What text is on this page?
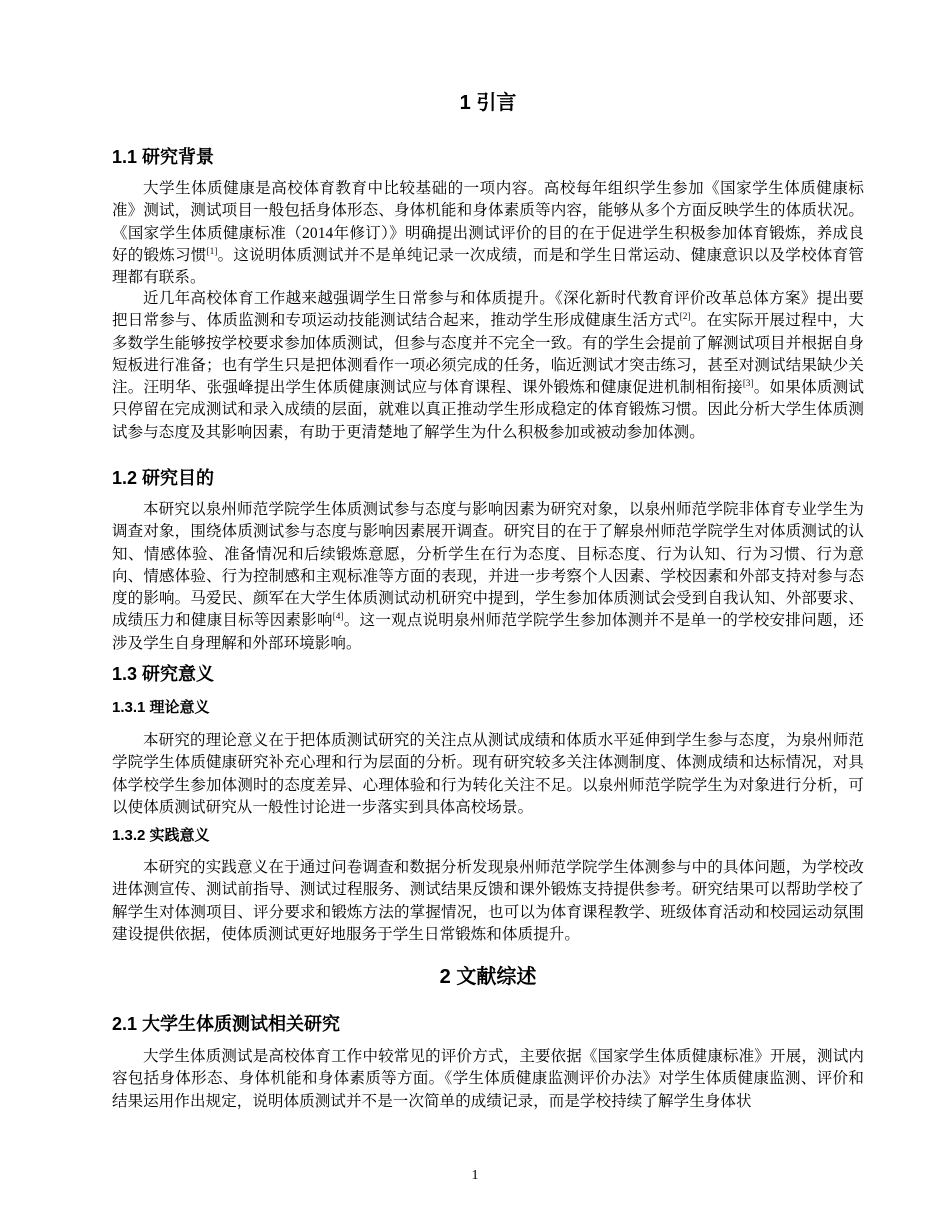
1 引言
1.1 研究背景

大学生体质健康是高校体育教育中比较基础的一项内容。高校每年组织学生参加《国家学生体质健康标准》测试，测试项目一般包括身体形态、身体机能和身体素质等内容，能够从多个方面反映学生的体质状况。《国家学生体质健康标准（2014年修订）》明确提出测试评价的目的在于促进学生积极参加体育锻炼，养成良好的锻炼习惯[1]。这说明体质测试并不是单纯记录一次成绩，而是和学生日常运动、健康意识以及学校体育管理都有联系。

近几年高校体育工作越来越强调学生日常参与和体质提升。《深化新时代教育评价改革总体方案》提出要把日常参与、体质监测和专项运动技能测试结合起来，推动学生形成健康生活方式[2]。在实际开展过程中，大多数学生能够按学校要求参加体质测试，但参与态度并不完全一致。有的学生会提前了解测试项目并根据自身短板进行准备；也有学生只是把体测看作一项必须完成的任务，临近测试才突击练习，甚至对测试结果缺少关注。汪明华、张强峰提出学生体质健康测试应与体育课程、课外锻炼和健康促进机制相衔接[3]。如果体质测试只停留在完成测试和录入成绩的层面，就难以真正推动学生形成稳定的体育锻炼习惯。因此分析大学生体质测试参与态度及其影响因素，有助于更清楚地了解学生为什么积极参加或被动参加体测。

1.2 研究目的

本研究以泉州师范学院学生体质测试参与态度与影响因素为研究对象，以泉州师范学院非体育专业学生为调查对象，围绕体质测试参与态度与影响因素展开调查。研究目的在于了解泉州师范学院学生对体质测试的认知、情感体验、准备情况和后续锻炼意愿，分析学生在行为态度、目标态度、行为认知、行为习惯、行为意向、情感体验、行为控制感和主观标准等方面的表现，并进一步考察个人因素、学校因素和外部支持对参与态度的影响。马爱民、颜军在大学生体质测试动机研究中提到，学生参加体质测试会受到自我认知、外部要求、成绩压力和健康目标等因素影响[4]。这一观点说明泉州师范学院学生参加体测并不是单一的学校安排问题，还涉及学生自身理解和外部环境影响。

1.3 研究意义
1.3.1 理论意义

本研究的理论意义在于把体质测试研究的关注点从测试成绩和体质水平延伸到学生参与态度，为泉州师范学院学生体质健康研究补充心理和行为层面的分析。现有研究较多关注体测制度、体测成绩和达标情况，对具体学校学生参加体测时的态度差异、心理体验和行为转化关注不足。以泉州师范学院学生为对象进行分析，可以使体质测试研究从一般性讨论进一步落实到具体高校场景。

1.3.2 实践意义

本研究的实践意义在于通过问卷调查和数据分析发现泉州师范学院学生体测参与中的具体问题，为学校改进体测宣传、测试前指导、测试过程服务、测试结果反馈和课外锻炼支持提供参考。研究结果可以帮助学校了解学生对体测项目、评分要求和锻炼方法的掌握情况，也可以为体育课程教学、班级体育活动和校园运动氛围建设提供依据，使体质测试更好地服务于学生日常锻炼和体质提升。

2 文献综述
2.1 大学生体质测试相关研究

大学生体质测试是高校体育工作中较常见的评价方式，主要依据《国家学生体质健康标准》开展，测试内容包括身体形态、身体机能和身体素质等方面。《学生体质健康监测评价办法》对学生体质健康监测、评价和结果运用作出规定，说明体质测试并不是一次简单的成绩记录，而是学校持续了解学生身体状

1
